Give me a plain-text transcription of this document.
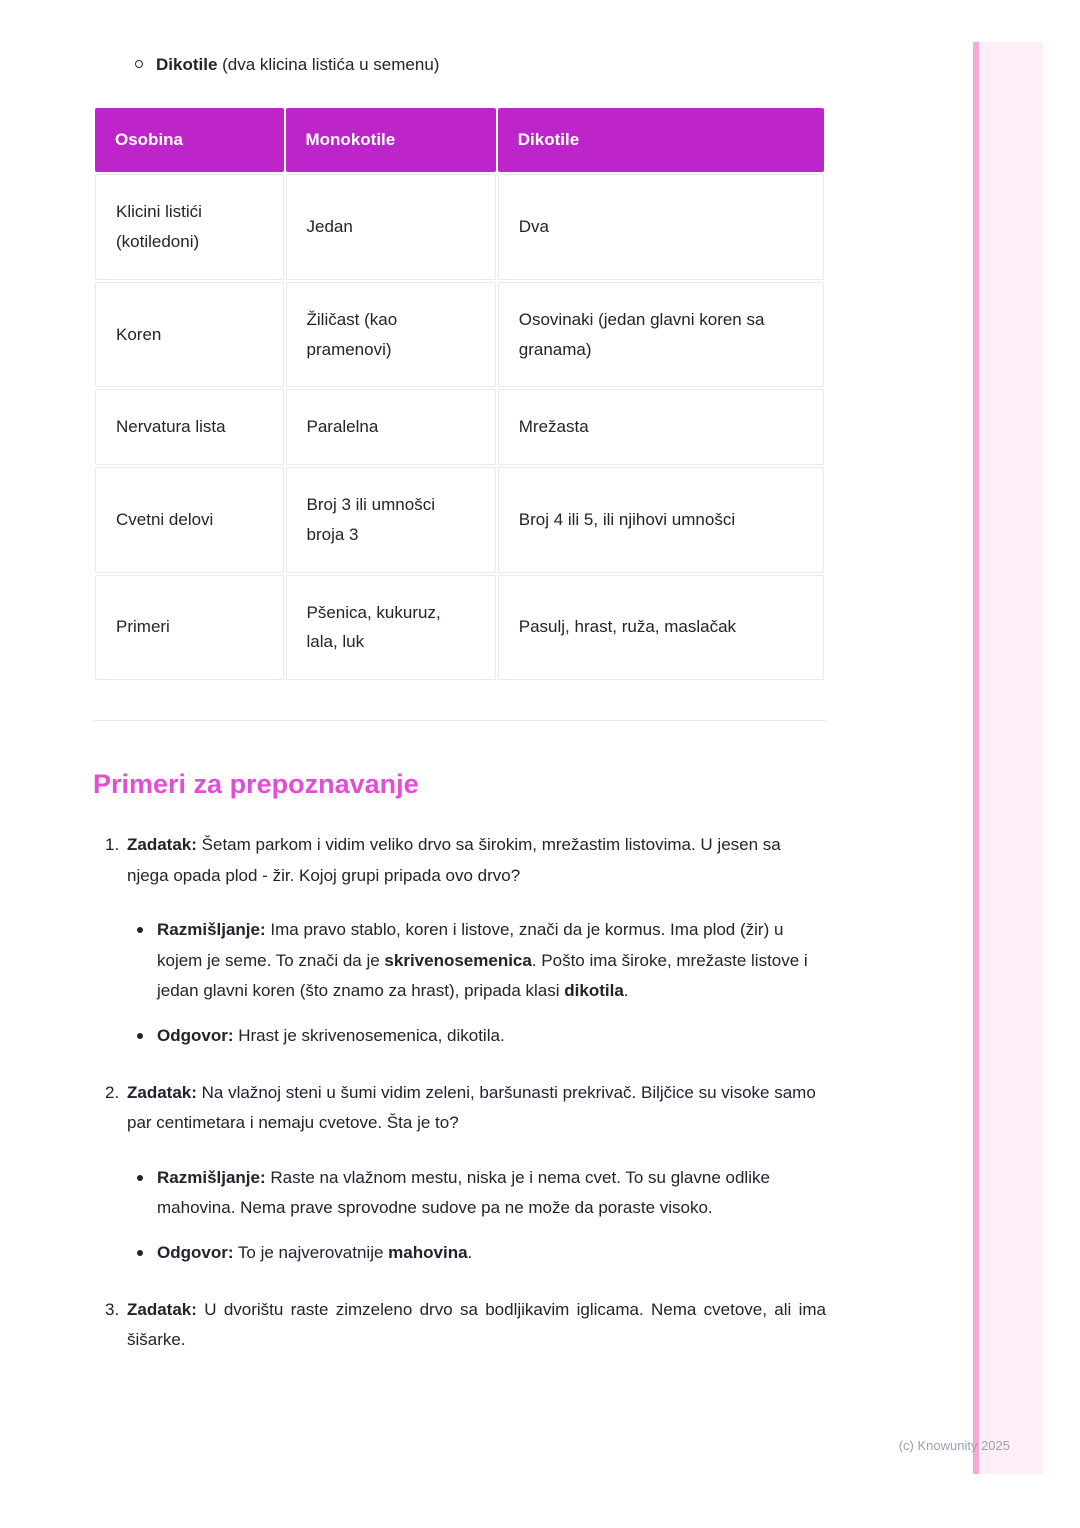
Dikotile (dva klicina listića u semenu)

Osobina	Monokotile	Dikotile
Klicini listići (kotiledoni)	Jedan	Dva
Koren	Žiličast (kao pramenovi)	Osovinaki (jedan glavni koren sa granama)
Nervatura lista	Paralelna	Mrežasta
Cvetni delovi	Broj 3 ili umnošci broja 3	Broj 4 ili 5, ili njihovi umnošci
Primeri	Pšenica, kukuruz, lala, luk	Pasulj, hrast, ruža, maslačak
Primeri za prepoznavanje
1. Zadatak: Šetam parkom i vidim veliko drvo sa širokim, mrežastim listovima. U jesen sa njega opada plod - žir. Kojoj grupi pripada ovo drvo?

Razmišljanje: Ima pravo stablo, koren i listove, znači da je kormus. Ima plod (žir) u kojem je seme. To znači da je skrivenosemenica. Pošto ima široke, mrežaste listove i jedan glavni koren (što znamo za hrast), pripada klasi dikotila.

Odgovor: Hrast je skrivenosemenica, dikotila.

2. Zadatak: Na vlažnoj steni u šumi vidim zeleni, baršunasti prekrivač. Biljčice su visoke samo par centimetara i nemaju cvetove. Šta je to?

Razmišljanje: Raste na vlažnom mestu, niska je i nema cvet. To su glavne odlike mahovina. Nema prave sprovodne sudove pa ne može da poraste visoko.

Odgovor: To je najverovatnije mahovina.

3. Zadatak: U dvorištu raste zimzeleno drvo sa bodljikavim iglicama. Nema cvetove, ali ima šišarke.

(c) Knowunity 2025
